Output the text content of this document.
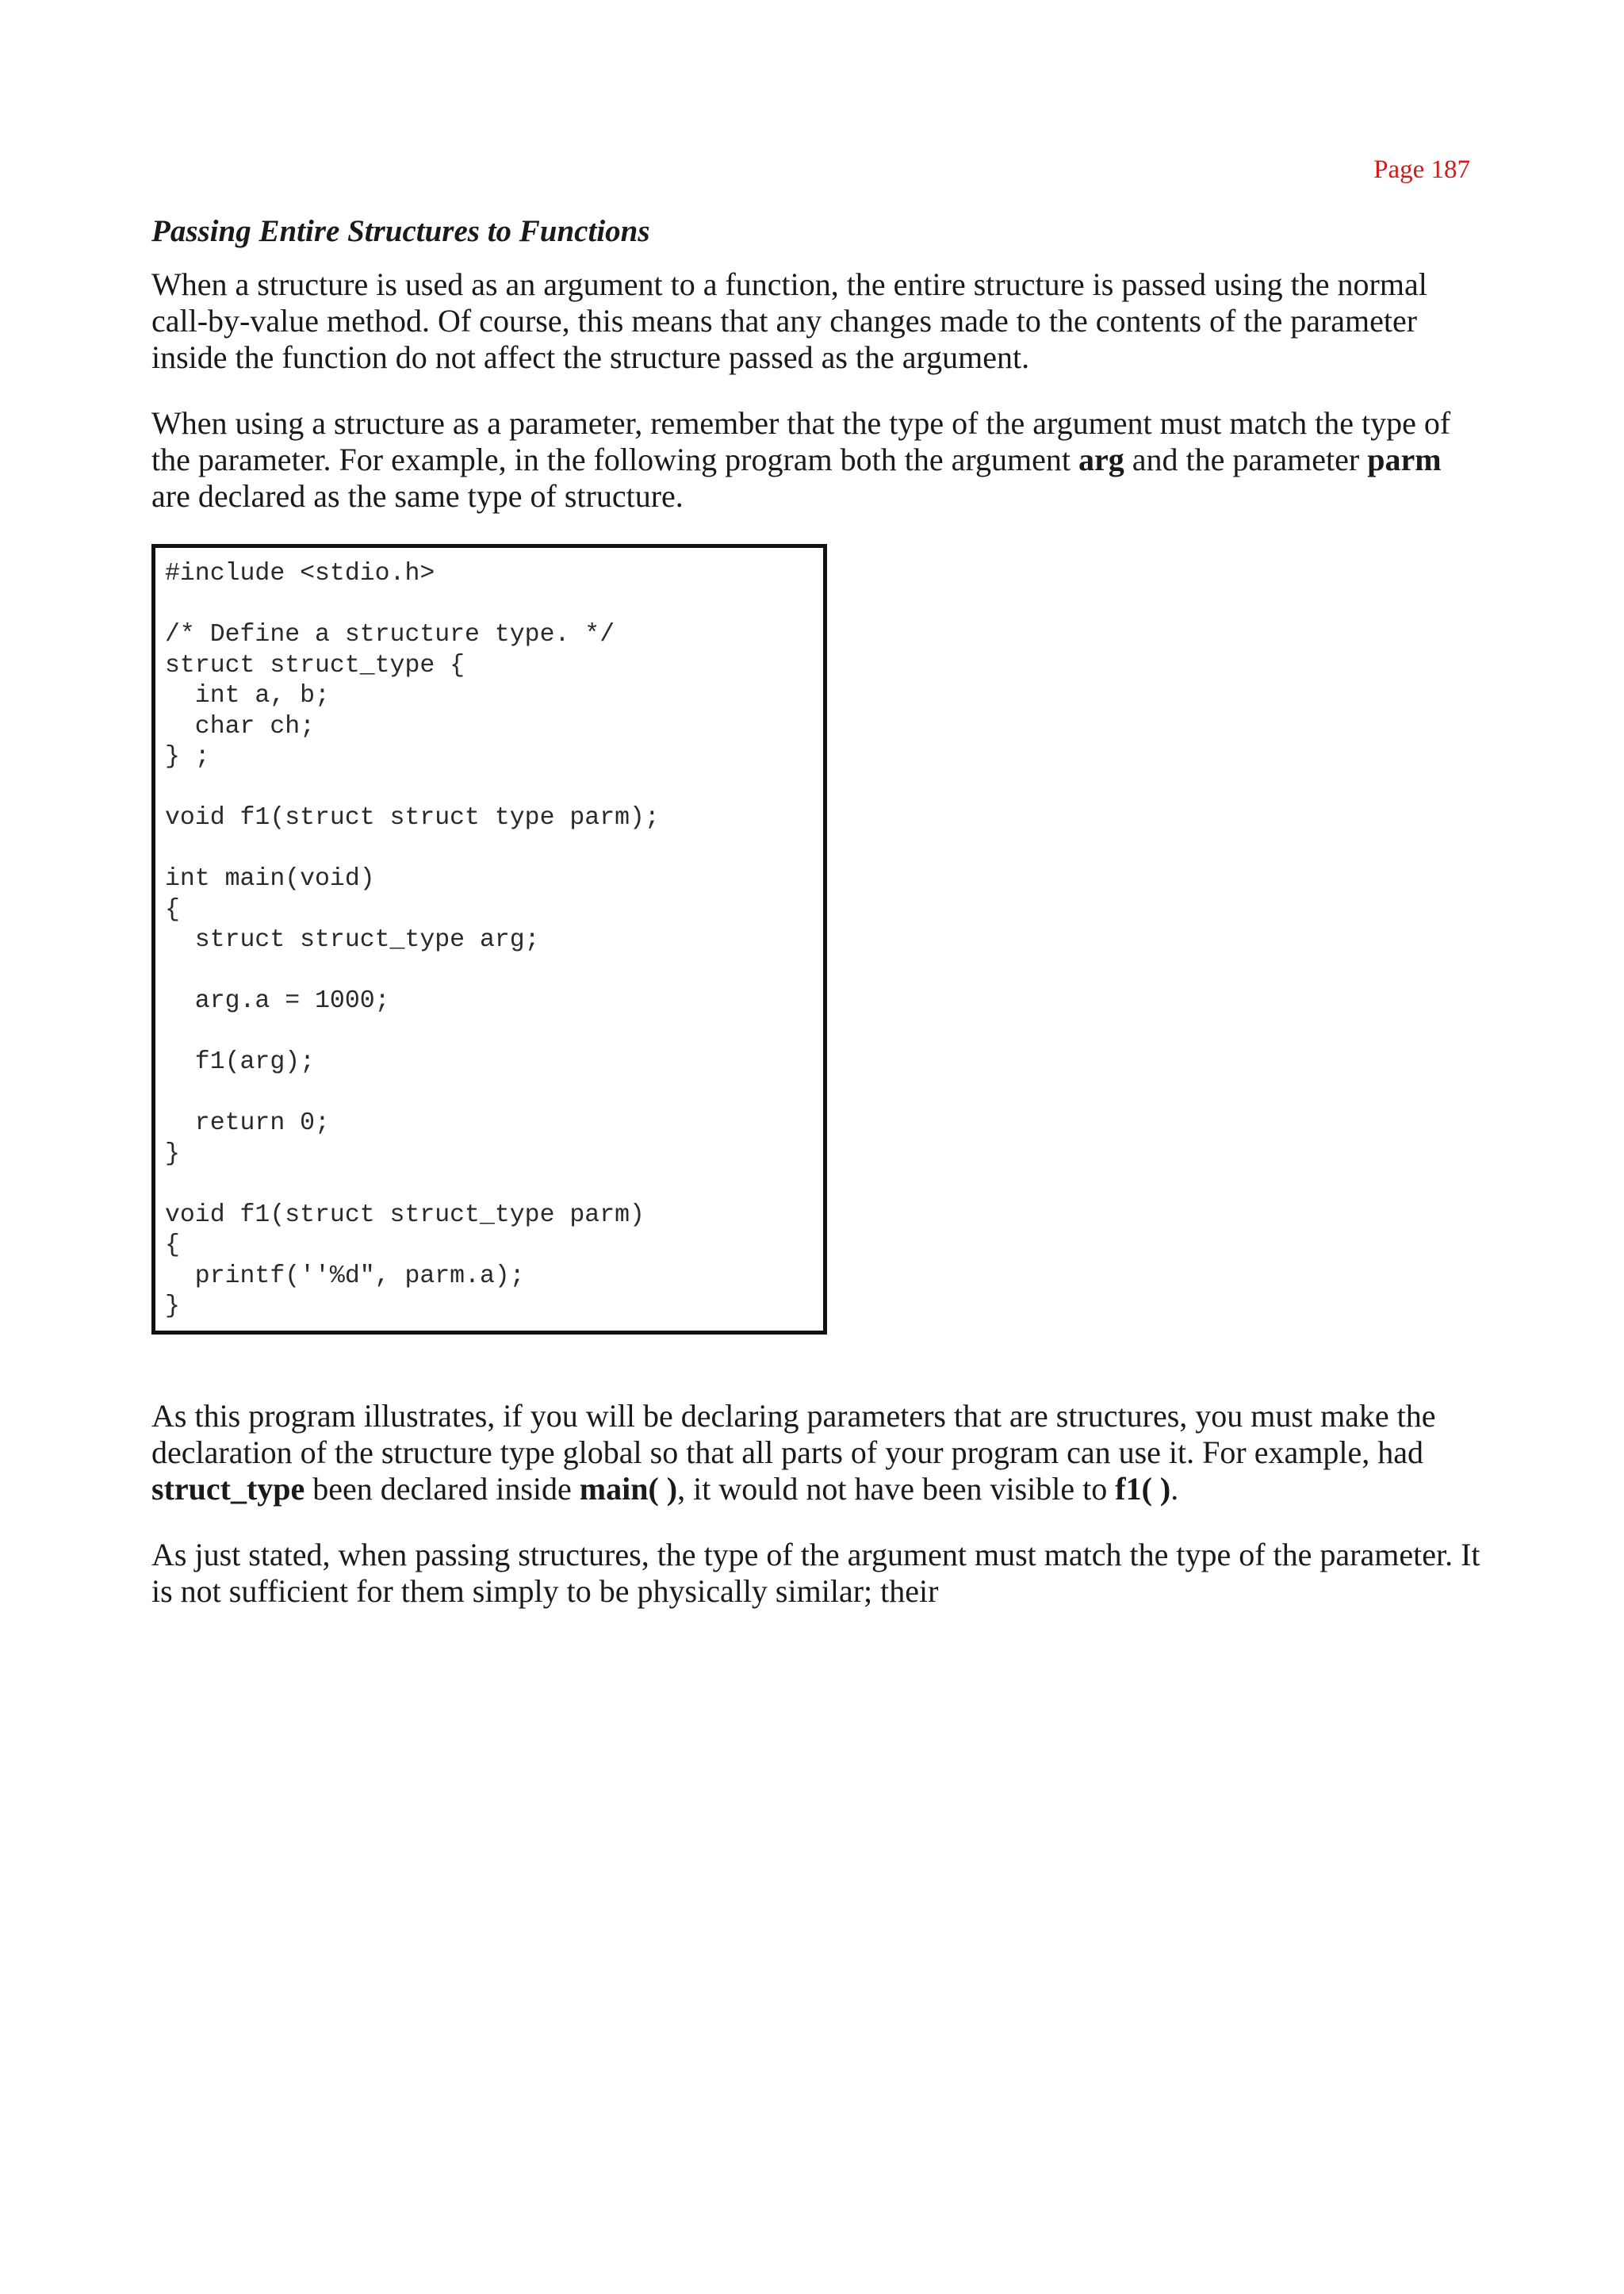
Page 187
Passing Entire Structures to Functions

When a structure is used as an argument to a function, the entire structure is passed using the normal call-by-value method. Of course, this means that any changes made to the contents of the parameter inside the function do not affect the structure passed as the argument.

When using a structure as a parameter, remember that the type of the argument must match the type of the parameter. For example, in the following program both the argument arg and the parameter parm are declared as the same type of structure.

#include <stdio.h>
/* Define a structure type. */
struct struct_type {
int a, b;
char ch;
} ;
void f1(struct struct type parm);
int main(void)
{
struct struct_type arg;
arg.a = 1000;
f1(arg);
return 0;
}
void f1(struct struct_type parm)
{
printf(''%d", parm.a);
}

As this program illustrates, if you will be declaring parameters that are structures, you must make the declaration of the structure type global so that all parts of your program can use it. For example, had struct_type been declared inside main( ), it would not have been visible to f1( ).

As just stated, when passing structures, the type of the argument must match the type of the parameter. It is not sufficient for them simply to be physically similar; their
